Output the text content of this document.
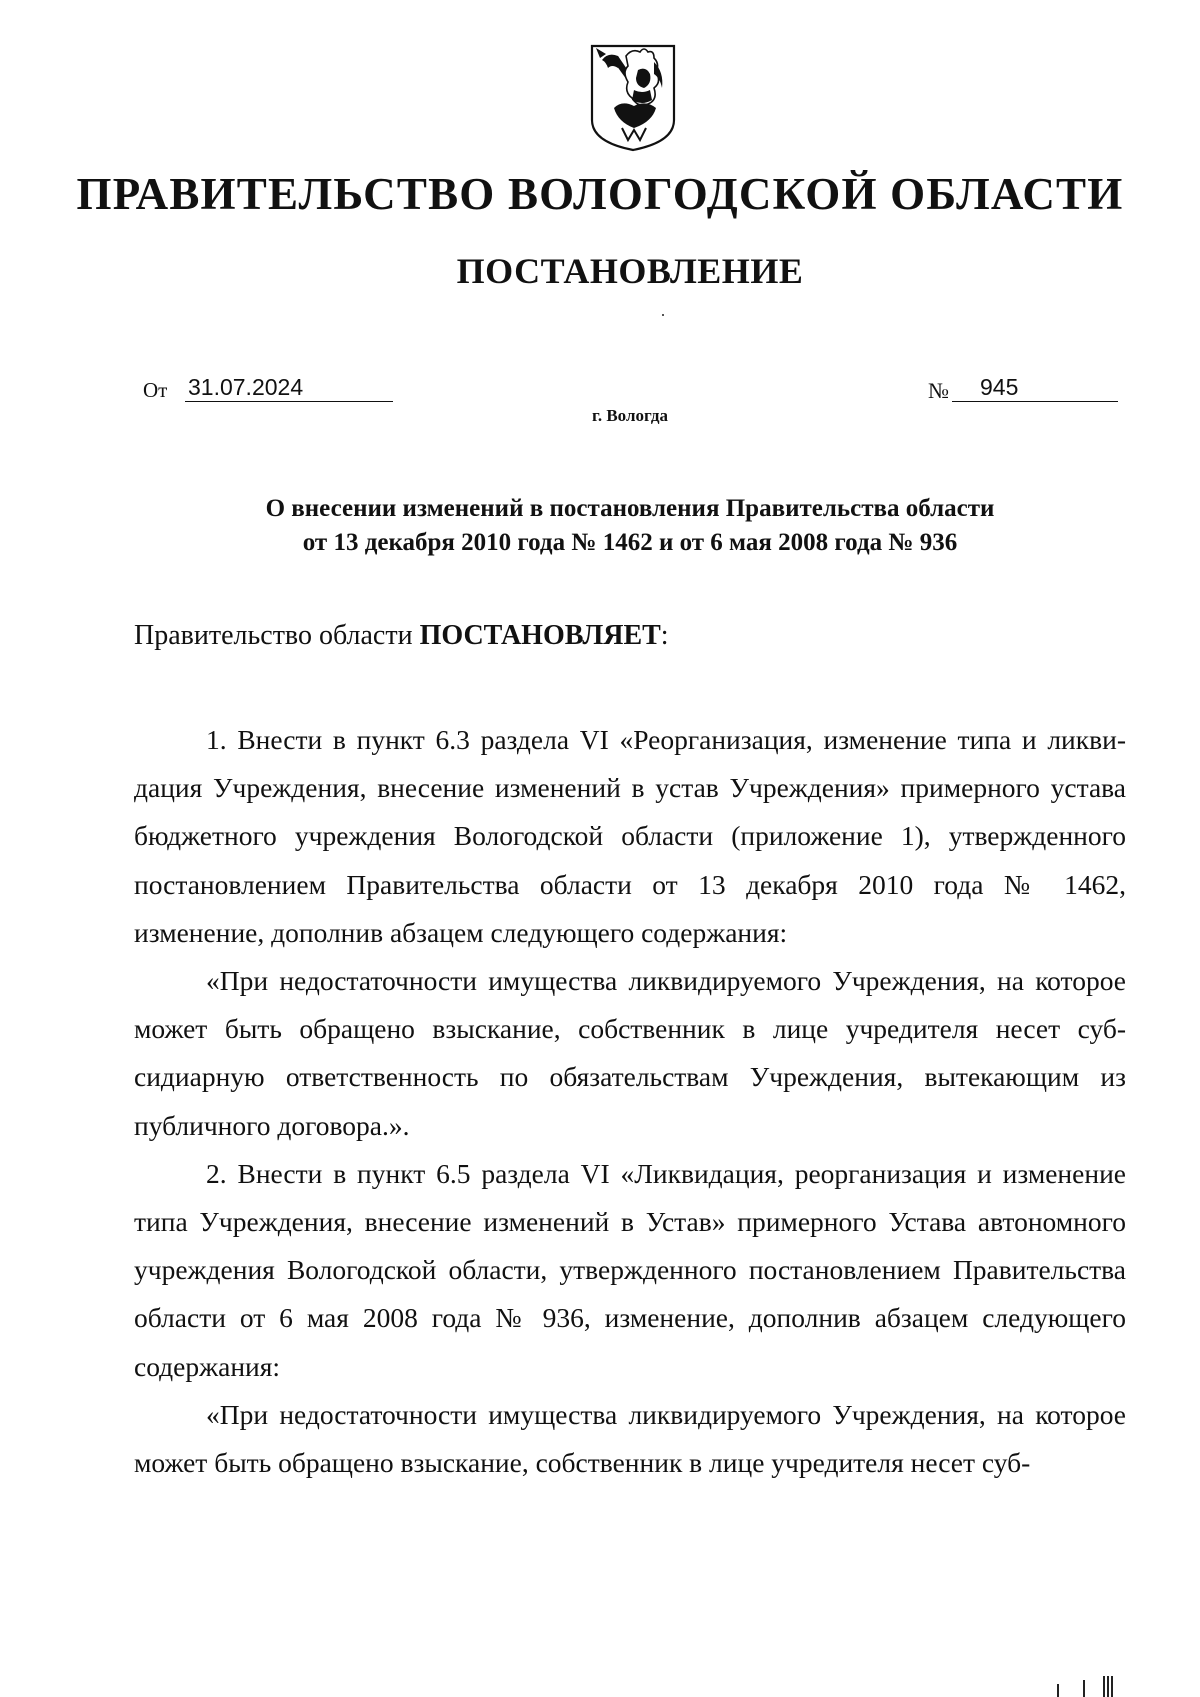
ПРАВИТЕЛЬСТВО ВОЛОГОДСКОЙ ОБЛАСТИ
ПОСТАНОВЛЕНИЕ
От 31.07.2024	№	945
г. Вологда
О внесении изменений в постановления Правительства области
от 13 декабря 2010 года № 1462 и от 6 мая 2008 года № 936
Правительство области ПОСТАНОВЛЯЕТ:

1. Внести в пункт 6.3 раздела VI «Реорганизация, изменение типа и ликвидация Учреждения, внесение изменений в устав Учреждения» примерного устава бюджетного учреждения Вологодской области (приложение 1), утвержденного постановлением Правительства области от 13 декабря 2010 года № 1462, изменение, дополнив абзацем следующего содержания:

«При недостаточности имущества ликвидируемого Учреждения, на которое может быть обращено взыскание, собственник в лице учредителя несет субсидиарную ответственность по обязательствам Учреждения, вытекающим из публичного договора.».

2. Внести в пункт 6.5 раздела VI «Ликвидация, реорганизация и изменение типа Учреждения, внесение изменений в Устав» примерного Устава автономного учреждения Вологодской области, утвержденного постановлением Правительства области от 6 мая 2008 года № 936, изменение, дополнив абзацем следующего содержания:

«При недостаточности имущества ликвидируемого Учреждения, на которое может быть обращено взыскание, собственник в лице учредителя несет суб-
